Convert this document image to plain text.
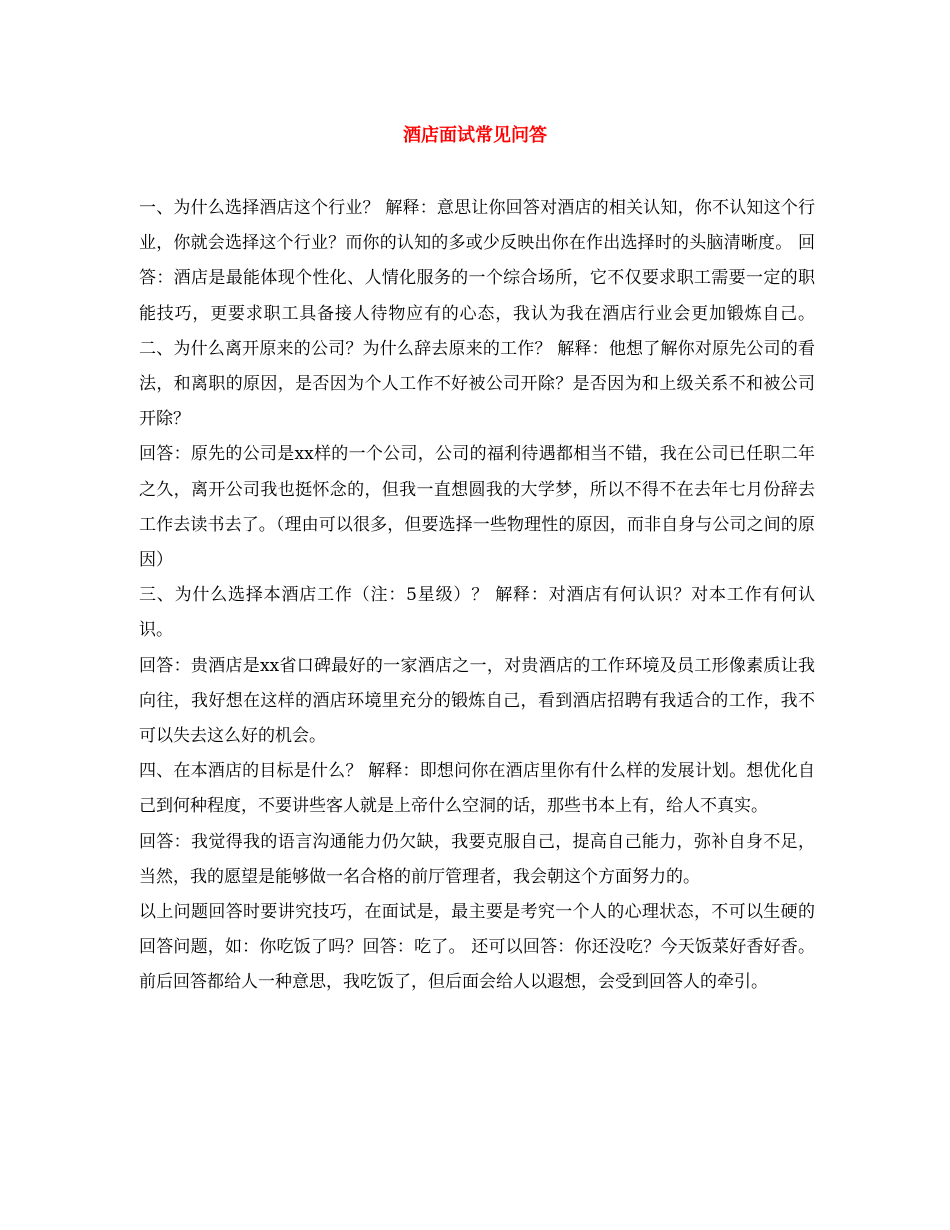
酒店面试常见问答

一、为什么选择酒店这个行业？ 解释：意思让你回答对酒店的相关认知，你不认知这个行业，你就会选择这个行业？而你的认知的多或少反映出你在作出选择时的头脑清晰度。 回答：酒店是最能体现个性化、人情化服务的一个综合场所，它不仅要求职工需要一定的职能技巧，更要求职工具备接人待物应有的心态，我认为我在酒店行业会更加锻炼自己。 二、为什么离开原来的公司？为什么辞去原来的工作？ 解释：他想了解你对原先公司的看法，和离职的原因，是否因为个人工作不好被公司开除？是否因为和上级关系不和被公司开除？

回答：原先的公司是xx样的一个公司，公司的福利待遇都相当不错，我在公司已任职二年之久，离开公司我也挺怀念的，但我一直想圆我的大学梦，所以不得不在去年七月份辞去工作去读书去了。（理由可以很多，但要选择一些物理性的原因，而非自身与公司之间的原因）

三、为什么选择本酒店工作（注：5星级）？ 解释：对酒店有何认识？对本工作有何认识。

回答：贵酒店是xx省口碑最好的一家酒店之一，对贵酒店的工作环境及员工形像素质让我向往，我好想在这样的酒店环境里充分的锻炼自己，看到酒店招聘有我适合的工作，我不可以失去这么好的机会。

四、在本酒店的目标是什么？ 解释：即想问你在酒店里你有什么样的发展计划。想优化自己到何种程度，不要讲些客人就是上帝什么空洞的话，那些书本上有，给人不真实。

回答：我觉得我的语言沟通能力仍欠缺，我要克服自己，提高自己能力，弥补自身不足，当然，我的愿望是能够做一名合格的前厅管理者，我会朝这个方面努力的。

以上问题回答时要讲究技巧，在面试是，最主要是考究一个人的心理状态，不可以生硬的回答问题，如：你吃饭了吗？回答：吃了。 还可以回答：你还没吃？今天饭菜好香好香。前后回答都给人一种意思，我吃饭了，但后面会给人以遐想，会受到回答人的牵引。
